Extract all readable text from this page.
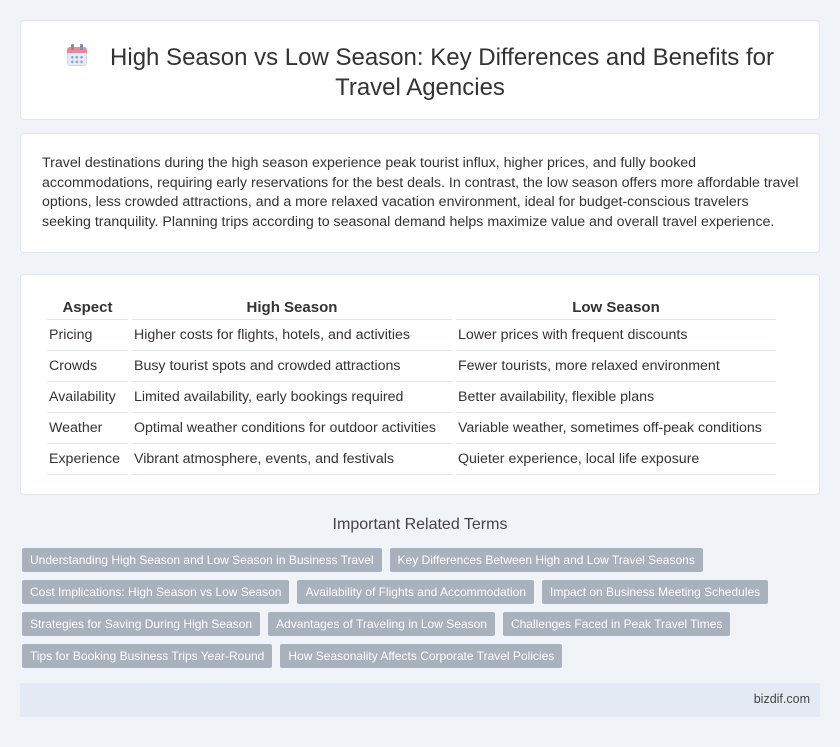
High Season vs Low Season: Key Differences and Benefits for Travel Agencies

Travel destinations during the high season experience peak tourist influx, higher prices, and fully booked accommodations, requiring early reservations for the best deals. In contrast, the low season offers more affordable travel options, less crowded attractions, and a more relaxed vacation environment, ideal for budget-conscious travelers seeking tranquility. Planning trips according to seasonal demand helps maximize value and overall travel experience.

Aspect	High Season	Low Season
Pricing	Higher costs for flights, hotels, and activities	Lower prices with frequent discounts
Crowds	Busy tourist spots and crowded attractions	Fewer tourists, more relaxed environment
Availability	Limited availability, early bookings required	Better availability, flexible plans
Weather	Optimal weather conditions for outdoor activities	Variable weather, sometimes off-peak conditions
Experience	Vibrant atmosphere, events, and festivals	Quieter experience, local life exposure
Important Related Terms
Understanding High Season and Low Season in Business Travel	Key Differences Between High and Low Travel Seasons
Cost Implications: High Season vs Low Season	Availability of Flights and Accommodation	Impact on Business Meeting Schedules
Strategies for Saving During High Season	Advantages of Traveling in Low Season	Challenges Faced in Peak Travel Times
Tips for Booking Business Trips Year-Round	How Seasonality Affects Corporate Travel Policies
bizdif.com
